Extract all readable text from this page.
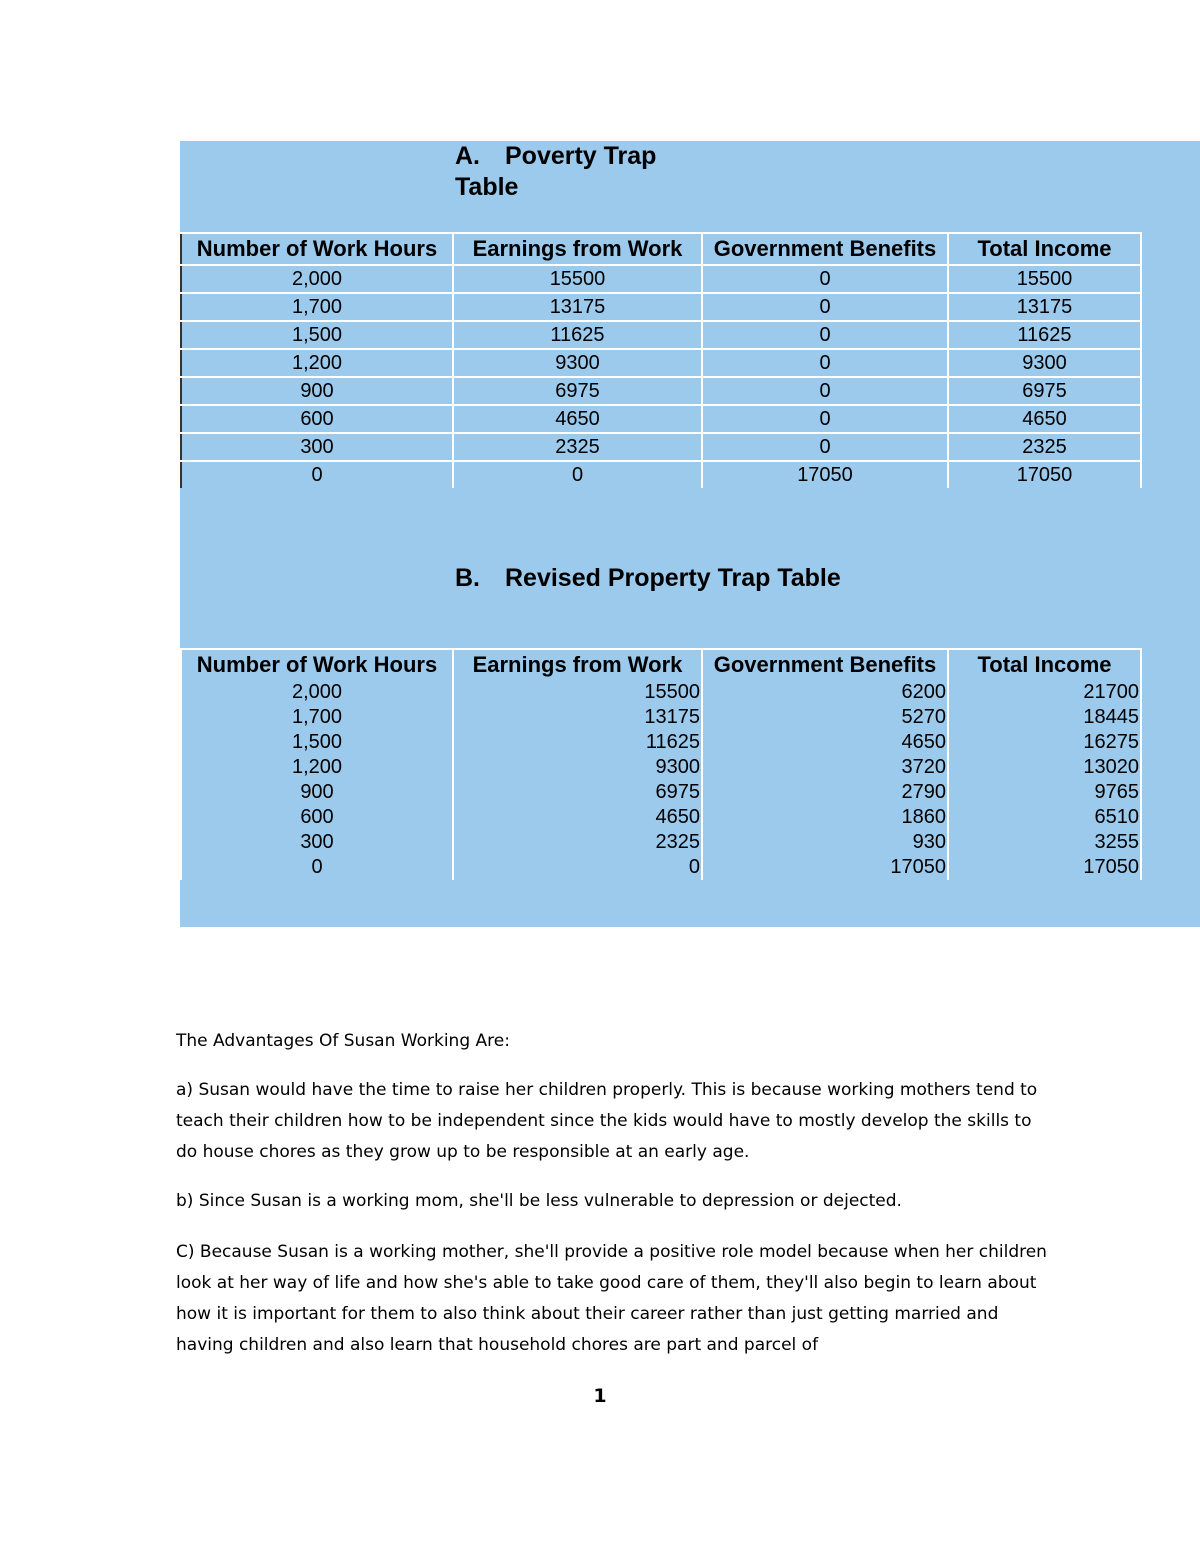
A. Poverty Trap
Table
Number of Work Hours	Earnings from Work	Government Benefits	Total Income
2,000	15500	0	15500
1,700	13175	0	13175
1,500	11625	0	11625
1,200	9300	0	9300
900	6975	0	6975
600	4650	0	4650
300	2325	0	2325
0	0	17050	17050
B. Revised Property Trap Table
Number of Work Hours	Earnings from Work	Government Benefits	Total Income
2,000	15500	6200	21700
1,700	13175	5270	18445
1,500	11625	4650	16275
1,200	9300	3720	13020
900	6975	2790	9765
600	4650	1860	6510
300	2325	930	3255
0	0	17050	17050

The Advantages Of Susan Working Are:

a) Susan would have the time to raise her children properly. This is because working mothers tend to teach their children how to be independent since the kids would have to mostly develop the skills to do house chores as they grow up to be responsible at an early age.

b) Since Susan is a working mom, she'll be less vulnerable to depression or dejected.

C) Because Susan is a working mother, she'll provide a positive role model because when her children look at her way of life and how she's able to take good care of them, they'll also begin to learn about how it is important for them to also think about their career rather than just getting married and having children and also learn that household chores are part and parcel of

1
